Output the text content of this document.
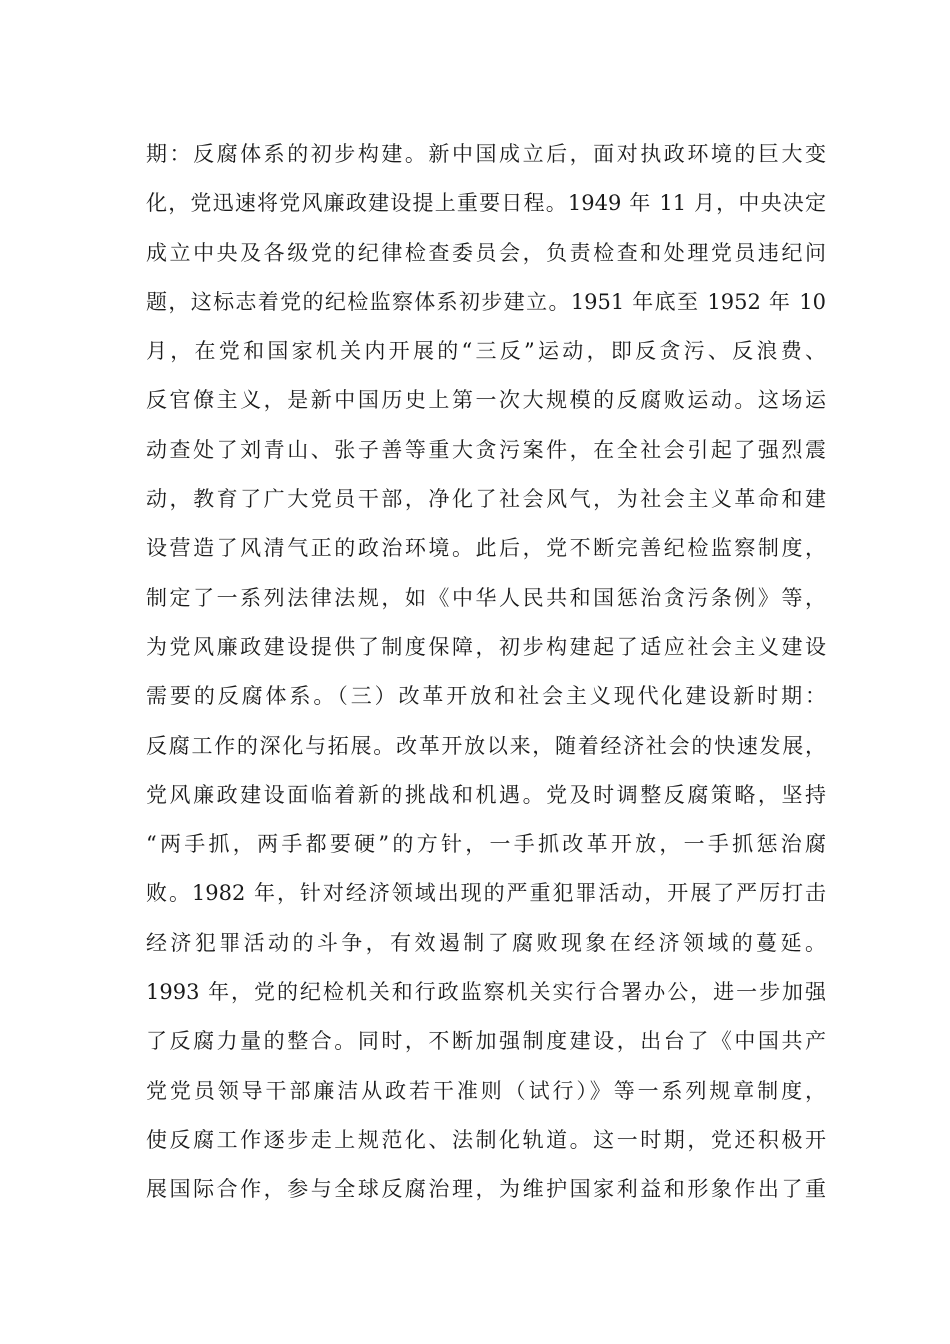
期：反腐体系的初步构建。新中国成立后，面对执政环境的巨大变
化，党迅速将党风廉政建设提上重要日程。1949 年 11 月，中央决定
成立中央及各级党的纪律检查委员会，负责检查和处理党员违纪问
题，这标志着党的纪检监察体系初步建立。1951 年底至 1952 年 10
月，在党和国家机关内开展的“三反”运动，即反贪污、反浪费、
反官僚主义，是新中国历史上第一次大规模的反腐败运动。这场运
动查处了刘青山、张子善等重大贪污案件，在全社会引起了强烈震
动，教育了广大党员干部，净化了社会风气，为社会主义革命和建
设营造了风清气正的政治环境。此后，党不断完善纪检监察制度，
制定了一系列法律法规，如《中华人民共和国惩治贪污条例》等，
为党风廉政建设提供了制度保障，初步构建起了适应社会主义建设
需要的反腐体系。（三）改革开放和社会主义现代化建设新时期：
反腐工作的深化与拓展。改革开放以来，随着经济社会的快速发展，
党风廉政建设面临着新的挑战和机遇。党及时调整反腐策略，坚持
“两手抓，两手都要硬”的方针，一手抓改革开放，一手抓惩治腐
败。1982 年，针对经济领域出现的严重犯罪活动，开展了严厉打击
经济犯罪活动的斗争，有效遏制了腐败现象在经济领域的蔓延。
1993 年，党的纪检机关和行政监察机关实行合署办公，进一步加强
了反腐力量的整合。同时，不断加强制度建设，出台了《中国共产
党党员领导干部廉洁从政若干准则（试行）》等一系列规章制度，
使反腐工作逐步走上规范化、法制化轨道。这一时期，党还积极开
展国际合作，参与全球反腐治理，为维护国家利益和形象作出了重
